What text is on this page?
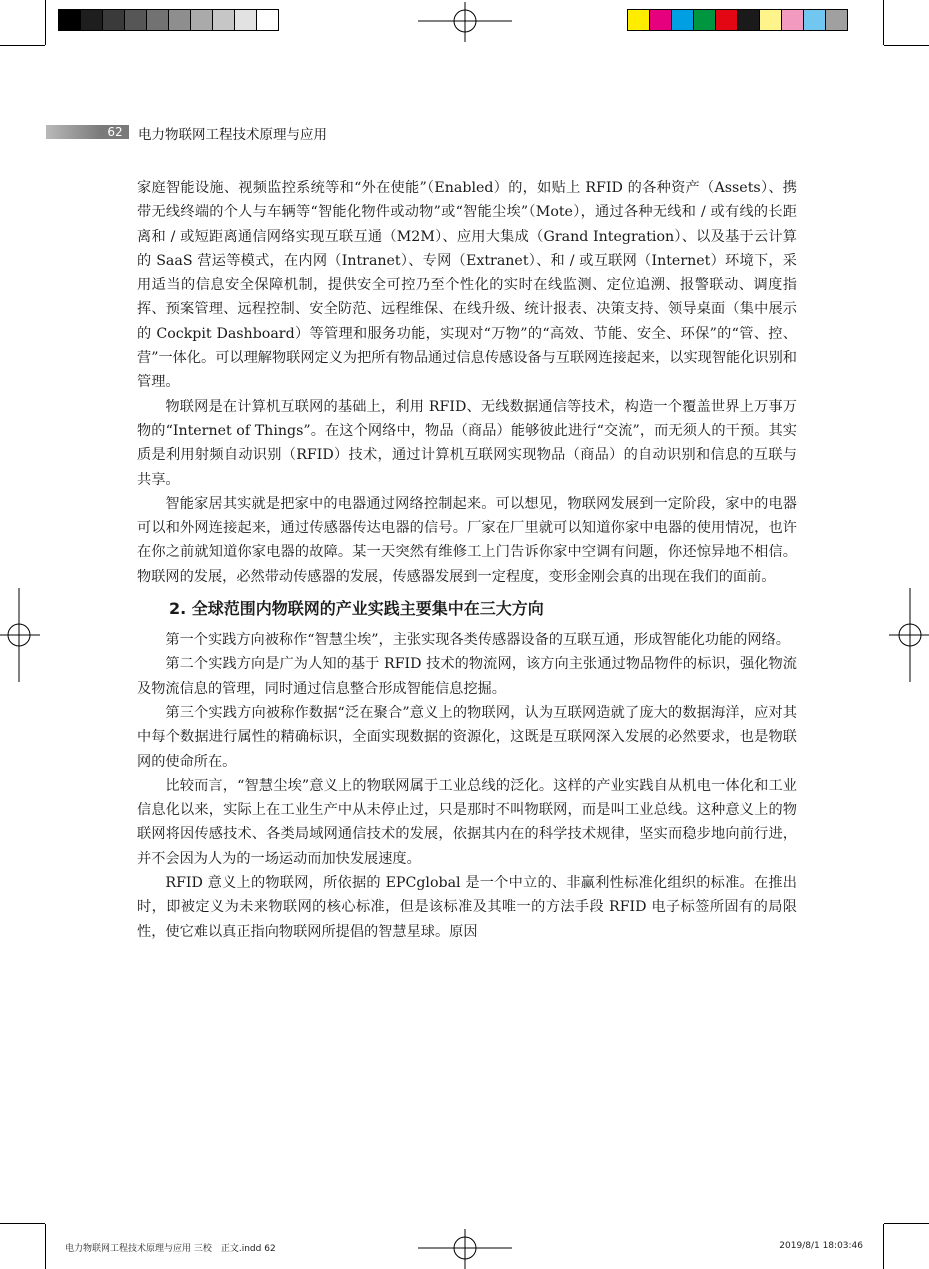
62	电力物联网工程技术原理与应用

家庭智能设施、视频监控系统等和“外在使能”（Enabled）的，如贴上 RFID 的各种资产（Assets）、携带无线终端的个人与车辆等“智能化物件或动物”或“智能尘埃”（Mote），通过各种无线和 / 或有线的长距离和 / 或短距离通信网络实现互联互通（M2M）、应用大集成（Grand Integration）、以及基于云计算的 SaaS 营运等模式，在内网（Intranet）、专网（Extranet）、和 / 或互联网（Internet）环境下，采用适当的信息安全保障机制，提供安全可控乃至个性化的实时在线监测、定位追溯、报警联动、调度指挥、预案管理、远程控制、安全防范、远程维保、在线升级、统计报表、决策支持、领导桌面（集中展示的 Cockpit Dashboard）等管理和服务功能，实现对“万物”的“高效、节能、安全、环保”的“管、控、营”一体化。可以理解物联网定义为把所有物品通过信息传感设备与互联网连接起来，以实现智能化识别和管理。

物联网是在计算机互联网的基础上，利用 RFID、无线数据通信等技术，构造一个覆盖世界上万事万物的“Internet of Things”。在这个网络中，物品（商品）能够彼此进行“交流”，而无须人的干预。其实质是利用射频自动识别（RFID）技术，通过计算机互联网实现物品（商品）的自动识别和信息的互联与共享。

智能家居其实就是把家中的电器通过网络控制起来。可以想见，物联网发展到一定阶段，家中的电器可以和外网连接起来，通过传感器传达电器的信号。厂家在厂里就可以知道你家中电器的使用情况，也许在你之前就知道你家电器的故障。某一天突然有维修工上门告诉你家中空调有问题，你还惊异地不相信。物联网的发展，必然带动传感器的发展，传感器发展到一定程度，变形金刚会真的出现在我们的面前。

2. 全球范围内物联网的产业实践主要集中在三大方向

第一个实践方向被称作“智慧尘埃”，主张实现各类传感器设备的互联互通，形成智能化功能的网络。

第二个实践方向是广为人知的基于 RFID 技术的物流网，该方向主张通过物品物件的标识，强化物流及物流信息的管理，同时通过信息整合形成智能信息挖掘。

第三个实践方向被称作数据“泛在聚合”意义上的物联网，认为互联网造就了庞大的数据海洋，应对其中每个数据进行属性的精确标识，全面实现数据的资源化，这既是互联网深入发展的必然要求，也是物联网的使命所在。

比较而言，“智慧尘埃”意义上的物联网属于工业总线的泛化。这样的产业实践自从机电一体化和工业信息化以来，实际上在工业生产中从未停止过，只是那时不叫物联网，而是叫工业总线。这种意义上的物联网将因传感技术、各类局域网通信技术的发展，依据其内在的科学技术规律，坚实而稳步地向前行进，并不会因为人为的一场运动而加快发展速度。

RFID 意义上的物联网，所依据的 EPCglobal 是一个中立的、非赢利性标准化组织的标准。在推出时，即被定义为未来物联网的核心标准，但是该标准及其唯一的方法手段 RFID 电子标签所固有的局限性，使它难以真正指向物联网所提倡的智慧星球。原因

电力物联网工程技术原理与应用 三校　正文.indd 62	2019/8/1 18:03:46
